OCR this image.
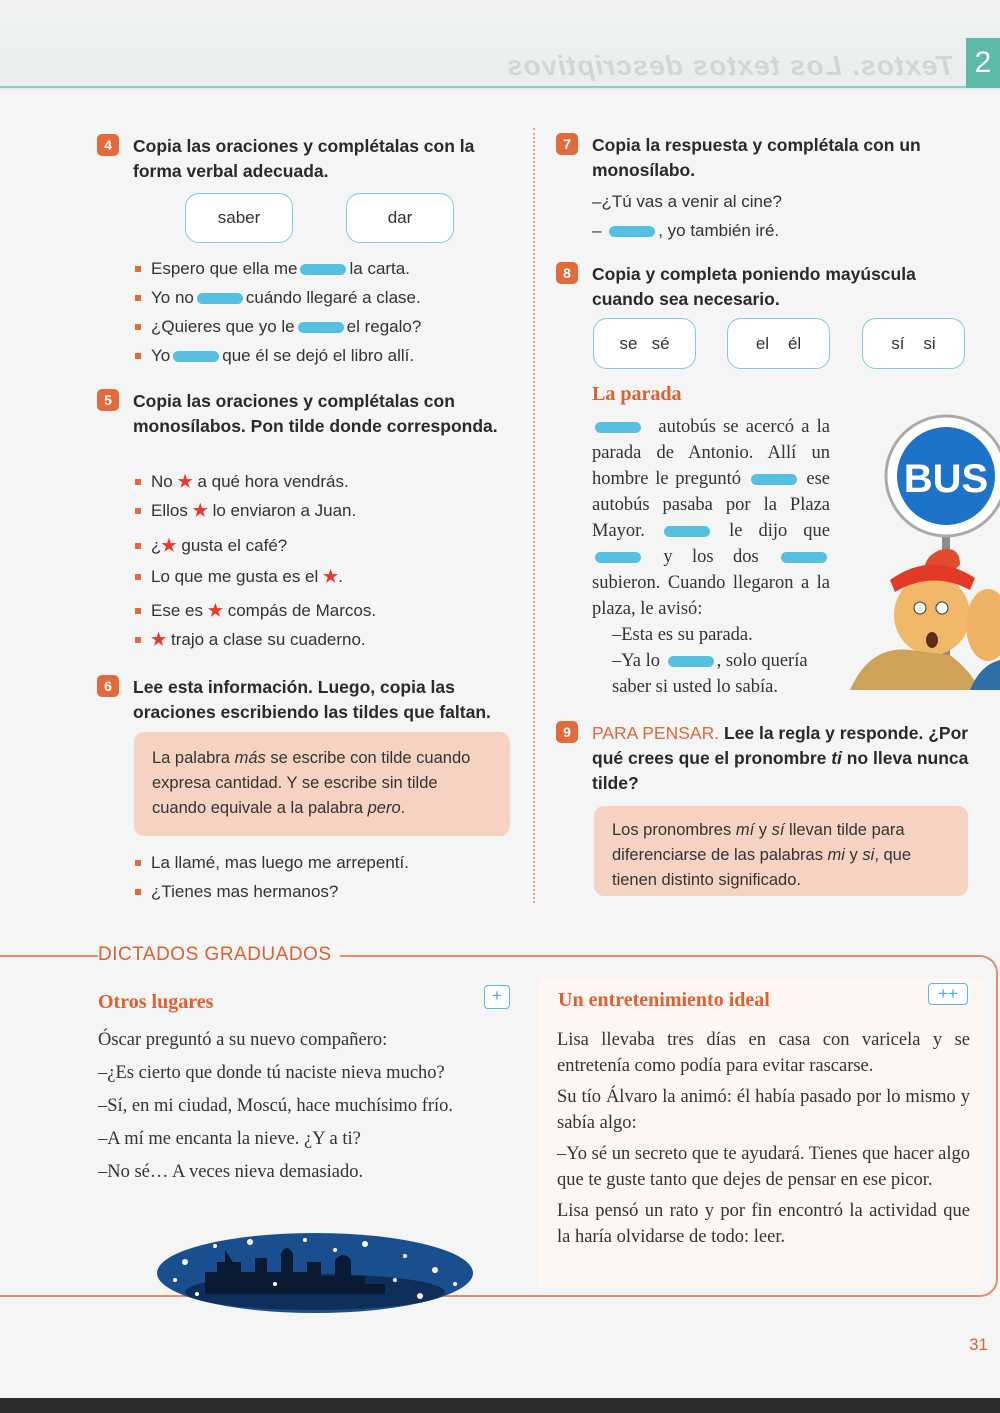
Textos. Los textos descriptivos 2
4	Copia las oraciones y complétalas con la forma verbal adecuada.
saber	dar
Espero que ella me	la carta.
Yo no	cuándo llegaré a clase.
¿Quieres que yo le	el regalo?
Yo	que él se dejó el libro allí.
5	Copia las oraciones y complétalas con monosílabos. Pon tilde donde corresponda.
No ★ a qué hora vendrás.
Ellos ★ lo enviaron a Juan.
¿★ gusta el café?
Lo que me gusta es el ★.
Ese es ★ compás de Marcos.
★ trajo a clase su cuaderno.
6	Lee esta información. Luego, copia las oraciones escribiendo las tildes que faltan.
La palabra más se escribe con tilde cuando expresa cantidad. Y se escribe sin tilde cuando equivale a la palabra pero.
La llamé, mas luego me arrepentí.
¿Tienes mas hermanos?
7	Copia la respuesta y complétala con un monosílabo.
–¿Tú vas a venir al cine?
–	, yo también iré.
8	Copia y completa poniendo mayúscula cuando sea necesario.
se sé	el él	sí si
La parada
autobús se acercó a la parada de Antonio. Allí un hombre le preguntó	ese autobús pasaba por la Plaza Mayor.	le dijo que  y los dos  subieron. Cuando llegaron a la plaza, le avisó:
–Esta es su parada.
–Ya lo	, solo quería saber si usted lo sabía.
BUS
9	PARA PENSAR. Lee la regla y responde. ¿Por qué crees que el pronombre ti no lleva nunca tilde?
Los pronombres mí y sí llevan tilde para diferenciarse de las palabras mi y si, que tienen distinto significado.
DICTADOS GRADUADOS
Otros lugares	+
Óscar preguntó a su nuevo compañero:
–¿Es cierto que donde tú naciste nieva mucho?
–Sí, en mi ciudad, Moscú, hace muchísimo frío.
–A mí me encanta la nieve. ¿Y a ti?
–No sé… A veces nieva demasiado.
Un entretenimiento ideal	++
Lisa llevaba tres días en casa con varicela y se entretenía como podía para evitar rascarse.
Su tío Álvaro la animó: él había pasado por lo mismo y sabía algo:
–Yo sé un secreto que te ayudará. Tienes que hacer algo que te guste tanto que dejes de pensar en ese picor.
Lisa pensó un rato y por fin encontró la actividad que la haría olvidarse de todo: leer.
31
